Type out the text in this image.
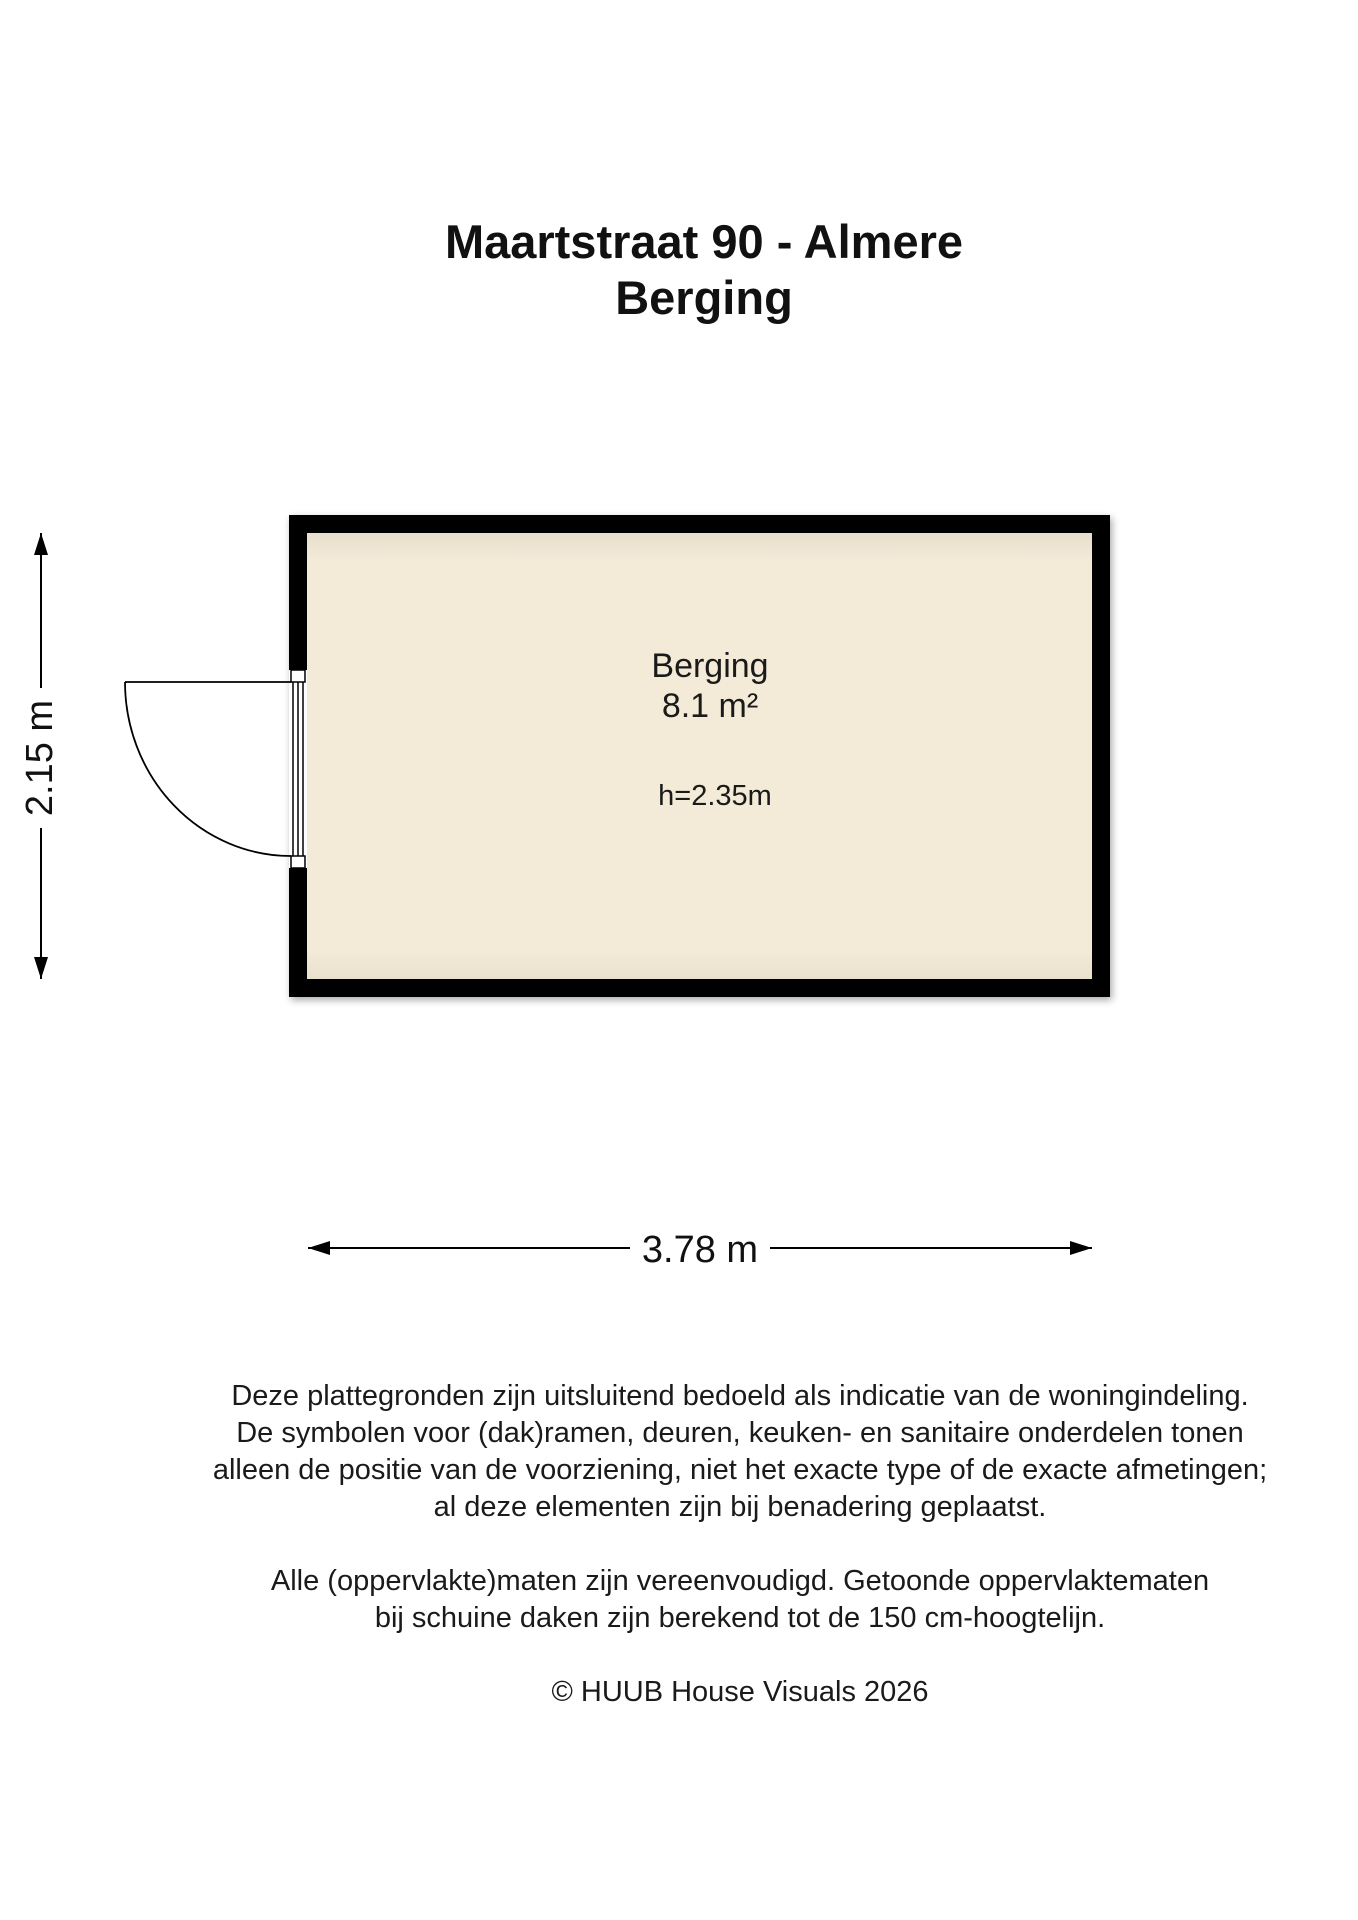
Maartstraat 90 - Almere
Berging
Berging
8.1 m²
h=2.35m
3.78 m
2.15 m
Deze plattegronden zijn uitsluitend bedoeld als indicatie van de woningindeling.
De symbolen voor (dak)ramen, deuren, keuken- en sanitaire onderdelen tonen
alleen de positie van de voorziening, niet het exacte type of de exacte afmetingen;
al deze elementen zijn bij benadering geplaatst.
Alle (oppervlakte)maten zijn vereenvoudigd. Getoonde oppervlaktematen
bij schuine daken zijn berekend tot de 150 cm-hoogtelijn.
© HUUB House Visuals 2026
